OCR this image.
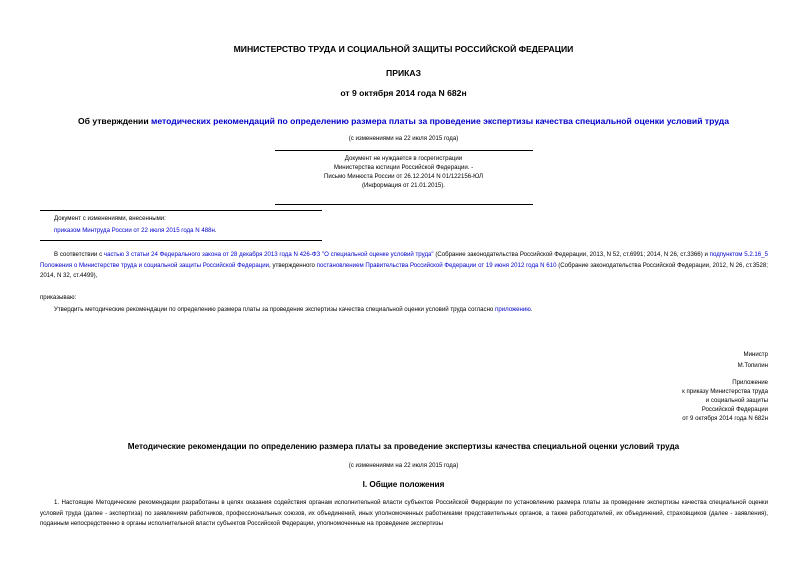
МИНИСТЕРСТВО ТРУДА И СОЦИАЛЬНОЙ ЗАЩИТЫ РОССИЙСКОЙ ФЕДЕРАЦИИ
ПРИКАЗ
от 9 октября 2014 года N 682н
Об утверждении методических рекомендаций по определению размера платы за проведение экспертизы качества специальной оценки условий труда
(с изменениями на 22 июля 2015 года)
Документ не нуждается в госрегистрации
Министерства юстиции Российской Федерации. -
Письмо Минюста России от 26.12.2014 N 01/122156-ЮЛ
(Информация от 21.01.2015).
Документ с изменениями, внесенными:
приказом Минтруда России от 22 июля 2015 года N 488н.
В соответствии с частью 3 статьи 24 Федерального закона от 28 декабря 2013 года N 426-ФЗ "О специальной оценке условий труда" (Собрание законодательства Российской Федерации, 2013, N 52, ст.6991; 2014, N 26, ст.3366) и подпунктом 5.2.16_5 Положения о Министерстве труда и социальной защиты Российской Федерации, утвержденного постановлением Правительства Российской Федерации от 19 июня 2012 года N 610 (Собрание законодательства Российской Федерации, 2012, N 26, ст.3528; 2014, N 32, ст.4499),
приказываю:
Утвердить методические рекомендации по определению размера платы за проведение экспертизы качества специальной оценки условий труда согласно приложению.
Министр
М.Топилин
Приложение
к приказу Министерства труда
и социальной защиты
Российской Федерации
от 9 октября 2014 года N 682н
Методические рекомендации по определению размера платы за проведение экспертизы качества специальной оценки условий труда
(с изменениями на 22 июля 2015 года)
I. Общие положения
1. Настоящие Методические рекомендации разработаны в целях оказания содействия органам исполнительной власти субъектов Российской Федерации по установлению размера платы за проведение экспертизы качества специальной оценки условий труда (далее - экспертиза) по заявлениям работников, профессиональных союзов, их объединений, иных уполномоченных работниками представительных органов, а также работодателей, их объединений, страховщиков (далее - заявления), поданным непосредственно в органы исполнительной власти субъектов Российской Федерации, уполномоченные на проведение экспертизы
